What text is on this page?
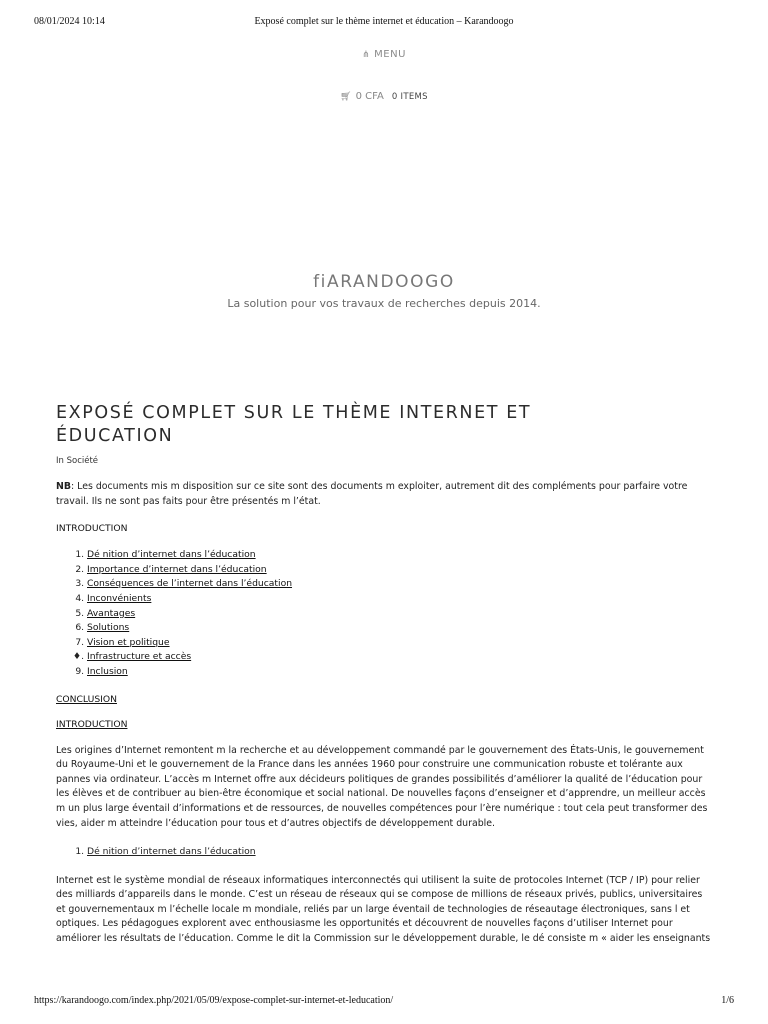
08/01/2024 10:14	Exposé complet sur le thème internet et éducation – Karandoogo
⋔ MENU
🛒︎ 0 CFA 0 ITEMS
fiARANDOOGO
La solution pour vos travaux de recherches depuis 2014.
EXPOSÉ COMPLET SUR LE THÈME INTERNET ET
ÉDUCATION
In Société
NB: Les documents mis m disposition sur ce site sont des documents m exploiter, autrement dit des compléments pour parfaire votre travail. Ils ne sont pas faits pour être présentés m l’état.
INTRODUCTION
1. Dé nition d’internet dans l’éducation
2. Importance d’internet dans l’éducation
3. Conséquences de l’internet dans l’éducation
4. Inconvénients
5. Avantages
6. Solutions
7. Vision et politique
♦. Infrastructure et accès
9. Inclusion
CONCLUSION
INTRODUCTION
Les origines d’Internet remontent m la recherche et au développement commandé par le gouvernement des États-Unis, le gouvernement du Royaume-Uni et le gouvernement de la France dans les années 1960 pour construire une communication robuste et tolérante aux pannes via ordinateur. L’accès m Internet offre aux décideurs politiques de grandes possibilités d’améliorer la qualité de l’éducation pour les élèves et de contribuer au bien-être économique et social national. De nouvelles façons d’enseigner et d’apprendre, un meilleur accès m un plus large éventail d’informations et de ressources, de nouvelles compétences pour l’ère numérique : tout cela peut transformer des vies, aider m atteindre l’éducation pour tous et d’autres objectifs de développement durable.
1. Dé nition d’internet dans l’éducation
Internet est le système mondial de réseaux informatiques interconnectés qui utilisent la suite de protocoles Internet (TCP / IP) pour relier des milliards d’appareils dans le monde. C’est un réseau de réseaux qui se compose de millions de réseaux privés, publics, universitaires et gouvernementaux m l’échelle locale m mondiale, reliés par un large éventail de technologies de réseautage électroniques, sans l et optiques. Les pédagogues explorent avec enthousiasme les opportunités et découvrent de nouvelles façons d’utiliser Internet pour améliorer les résultats de l’éducation. Comme le dit la Commission sur le développement durable, le dé consiste m « aider les enseignants
https://karandoogo.com/index.php/2021/05/09/expose-complet-sur-internet-et-leducation/	1/6
